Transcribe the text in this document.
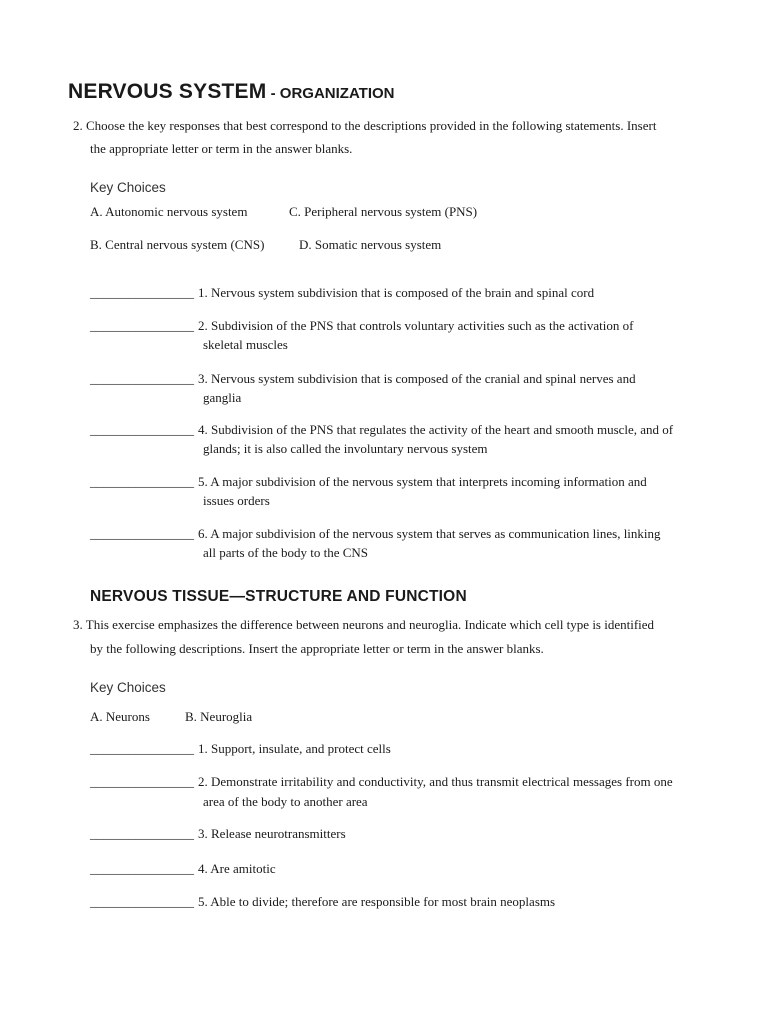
NERVOUS SYSTEM - ORGANIZATION
2. Choose the key responses that best correspond to the descriptions provided in the following statements. Insert
the appropriate letter or term in the answer blanks.
Key Choices
A. Autonomic nervous system	C. Peripheral nervous system (PNS)
B. Central nervous system (CNS)	D. Somatic nervous system
________________ 1. Nervous system subdivision that is composed of the brain and spinal cord
________________ 2. Subdivision of the PNS that controls voluntary activities such as the activation of
skeletal muscles
________________ 3. Nervous system subdivision that is composed of the cranial and spinal nerves and
ganglia
________________ 4. Subdivision of the PNS that regulates the activity of the heart and smooth muscle, and of
glands; it is also called the involuntary nervous system
________________ 5. A major subdivision of the nervous system that interprets incoming information and
issues orders
________________ 6. A major subdivision of the nervous system that serves as communication lines, linking
all parts of the body to the CNS
NERVOUS TISSUE—STRUCTURE AND FUNCTION
3. This exercise emphasizes the difference between neurons and neuroglia. Indicate which cell type is identified
by the following descriptions. Insert the appropriate letter or term in the answer blanks.
Key Choices
A. Neurons	B. Neuroglia
________________ 1. Support, insulate, and protect cells
________________ 2. Demonstrate irritability and conductivity, and thus transmit electrical messages from one
area of the body to another area
________________ 3. Release neurotransmitters
________________ 4. Are amitotic
________________ 5. Able to divide; therefore are responsible for most brain neoplasms
